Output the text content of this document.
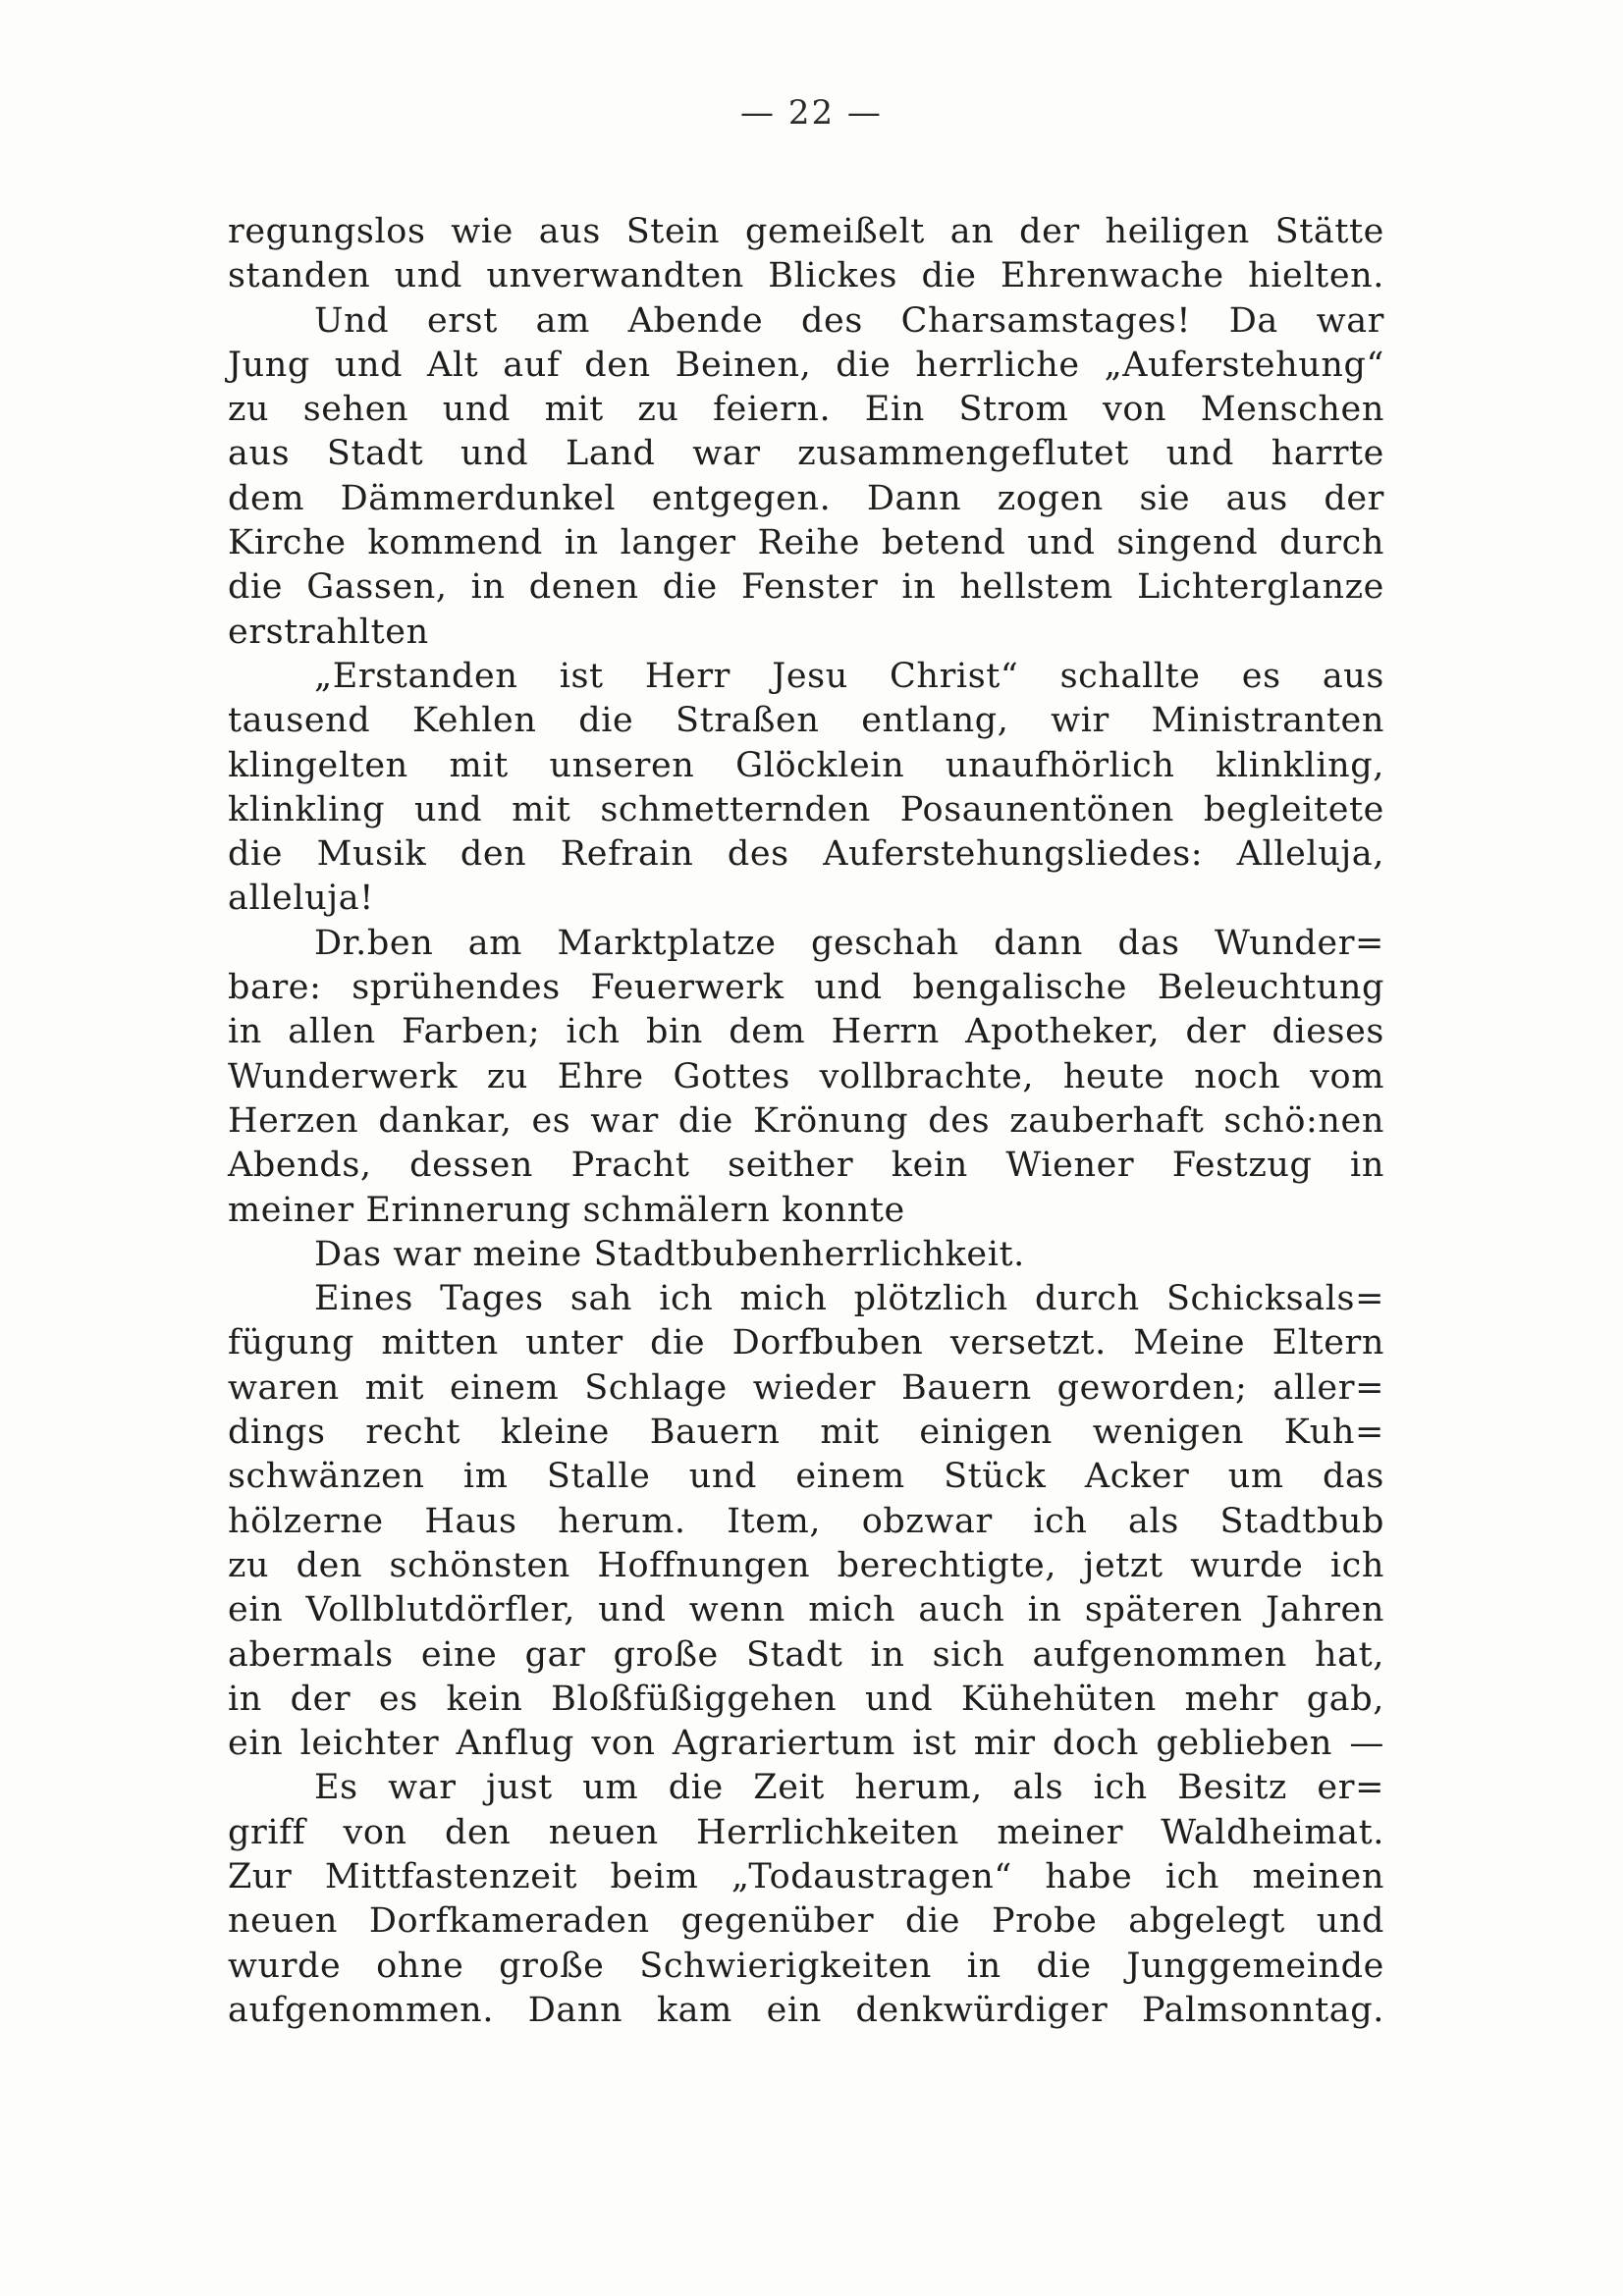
— 22 —
regungslos wie aus Stein gemeißelt an der heiligen Stätte
standen und unverwandten Blickes die Ehrenwache hielten.
Und erst am Abende des Charsamstages! Da war
Jung und Alt auf den Beinen, die herrliche „Auferstehung“
zu sehen und mit zu feiern. Ein Strom von Menschen
aus Stadt und Land war zusammengeflutet und harrte
dem Dämmerdunkel entgegen. Dann zogen sie aus der
Kirche kommend in langer Reihe betend und singend durch
die Gassen, in denen die Fenster in hellstem Lichterglanze
erstrahlten
„Erstanden ist Herr Jesu Christ“ schallte es aus
tausend Kehlen die Straßen entlang, wir Ministranten
klingelten mit unseren Glöcklein unaufhörlich klinkling,
klinkling und mit schmetternden Posaunentönen begleitete
die Musik den Refrain des Auferstehungsliedes: Alleluja,
alleluja!
Dr.ben am Marktplatze geschah dann das Wunder=
bare: sprühendes Feuerwerk und bengalische Beleuchtung
in allen Farben; ich bin dem Herrn Apotheker, der dieses
Wunderwerk zu Ehre Gottes vollbrachte, heute noch vom
Herzen dankar, es war die Krönung des zauberhaft schö:nen
Abends, dessen Pracht seither kein Wiener Festzug in
meiner Erinnerung schmälern konnte
Das war meine Stadtbubenherrlichkeit.
Eines Tages sah ich mich plötzlich durch Schicksals=
fügung mitten unter die Dorfbuben versetzt. Meine Eltern
waren mit einem Schlage wieder Bauern geworden; aller=
dings recht kleine Bauern mit einigen wenigen Kuh=
schwänzen im Stalle und einem Stück Acker um das
hölzerne Haus herum. Item, obzwar ich als Stadtbub
zu den schönsten Hoffnungen berechtigte, jetzt wurde ich
ein Vollblutdörfler, und wenn mich auch in späteren Jahren
abermals eine gar große Stadt in sich aufgenommen hat,
in der es kein Bloßfüßiggehen und Kühehüten mehr gab,
ein leichter Anflug von Agrariertum ist mir doch geblieben —
Es war just um die Zeit herum, als ich Besitz er=
griff von den neuen Herrlichkeiten meiner Waldheimat.
Zur Mittfastenzeit beim „Todaustragen“ habe ich meinen
neuen Dorfkameraden gegenüber die Probe abgelegt und
wurde ohne große Schwierigkeiten in die Junggemeinde
aufgenommen. Dann kam ein denkwürdiger Palmsonntag.
